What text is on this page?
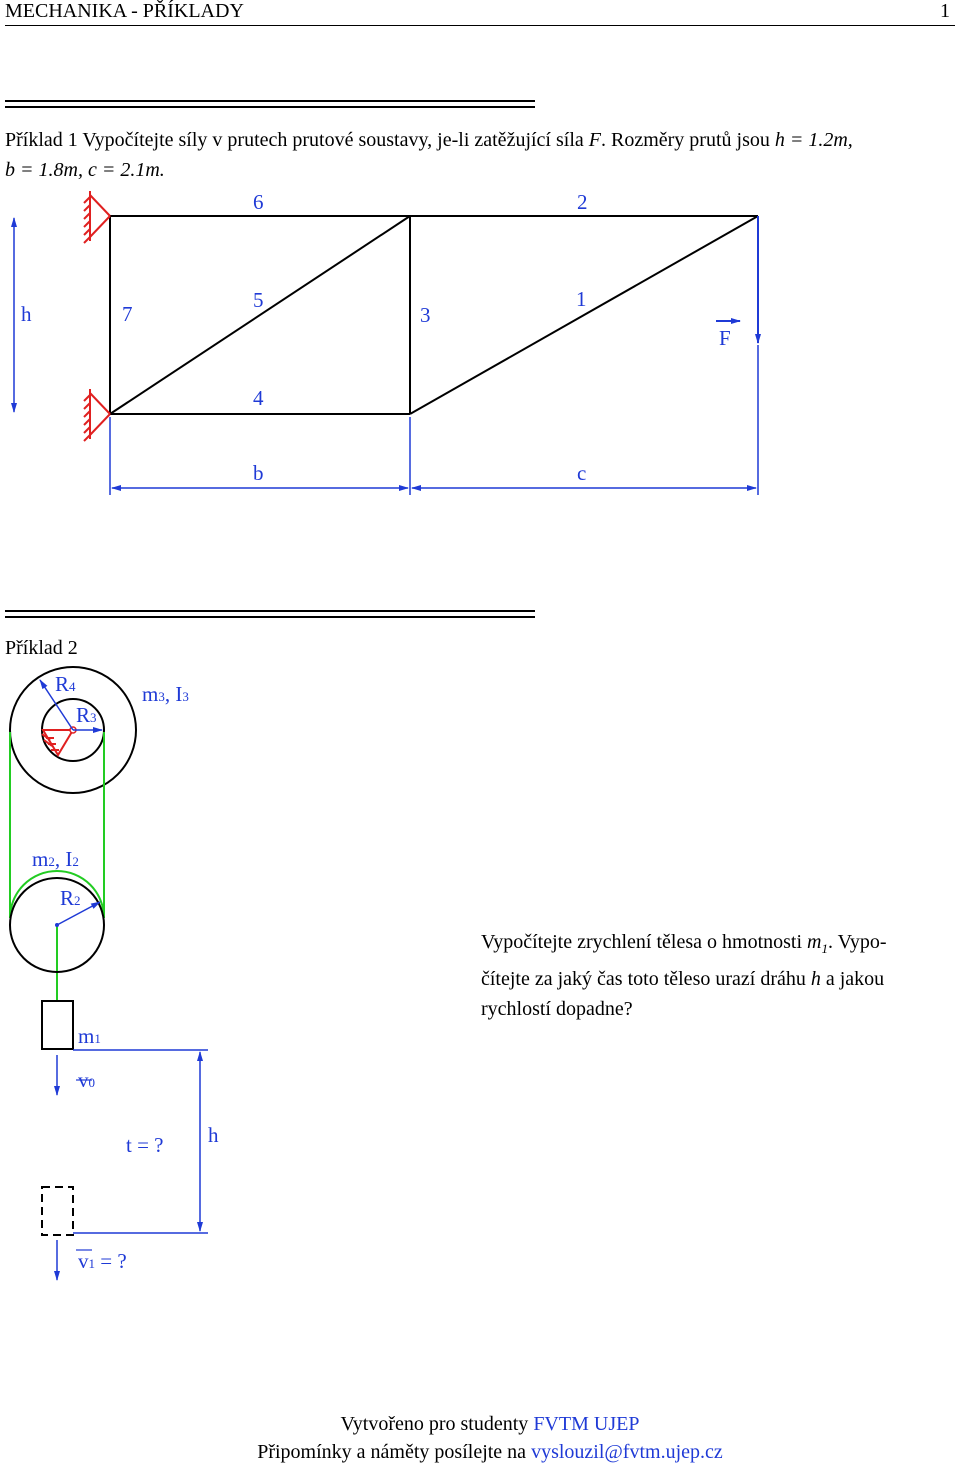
MECHANIKA - PŘÍKLADY	1
Příklad 1 Vypočítejte síly v prutech prutové soustavy, je-li zatěžující síla F. Rozměry prutů jsou h = 1.2m,
b = 1.8m, c = 2.1m.
6	2
h	7
5
3
1
F
4
b	c
Příklad 2
R4
R3
m3, I3
m2, I2
R2
m1
v0
t = ? h
v1 = ?
Vypočítejte zrychlení tělesa o hmotnosti $m_1$. Vypo-
čítejte za jaký čas toto těleso urazí dráhu h a jakou
rychlostí dopadne?
Vytvořeno pro studenty FVTM UJEP
Připomínky a náměty posílejte na vyslouzil@fvtm.ujep.cz
